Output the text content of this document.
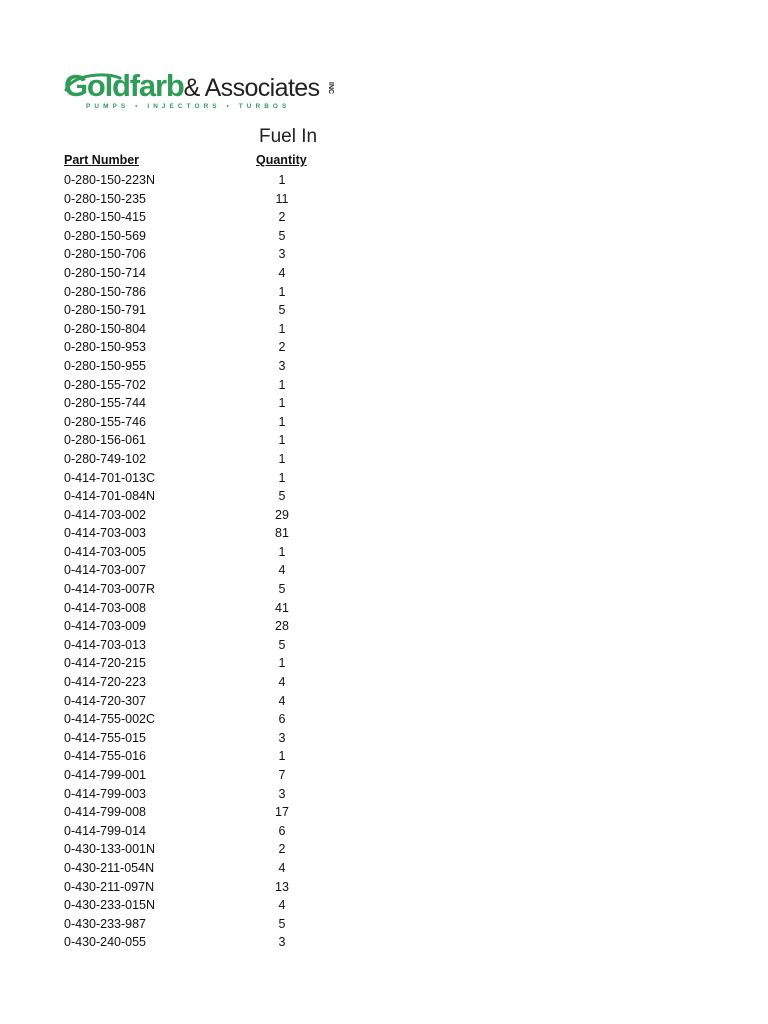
Goldfarb& Associates INC
PUMPS • INJECTORS • TURBOS
Fuel In
Part Number	Quantity
0-280-150-223N	1
0-280-150-235	11
0-280-150-415	2
0-280-150-569	5
0-280-150-706	3
0-280-150-714	4
0-280-150-786	1
0-280-150-791	5
0-280-150-804	1
0-280-150-953	2
0-280-150-955	3
0-280-155-702	1
0-280-155-744	1
0-280-155-746	1
0-280-156-061	1
0-280-749-102	1
0-414-701-013C	1
0-414-701-084N	5
0-414-703-002	29
0-414-703-003	81
0-414-703-005	1
0-414-703-007	4
0-414-703-007R	5
0-414-703-008	41
0-414-703-009	28
0-414-703-013	5
0-414-720-215	1
0-414-720-223	4
0-414-720-307	4
0-414-755-002C	6
0-414-755-015	3
0-414-755-016	1
0-414-799-001	7
0-414-799-003	3
0-414-799-008	17
0-414-799-014	6
0-430-133-001N	2
0-430-211-054N	4
0-430-211-097N	13
0-430-233-015N	4
0-430-233-987	5
0-430-240-055	3
